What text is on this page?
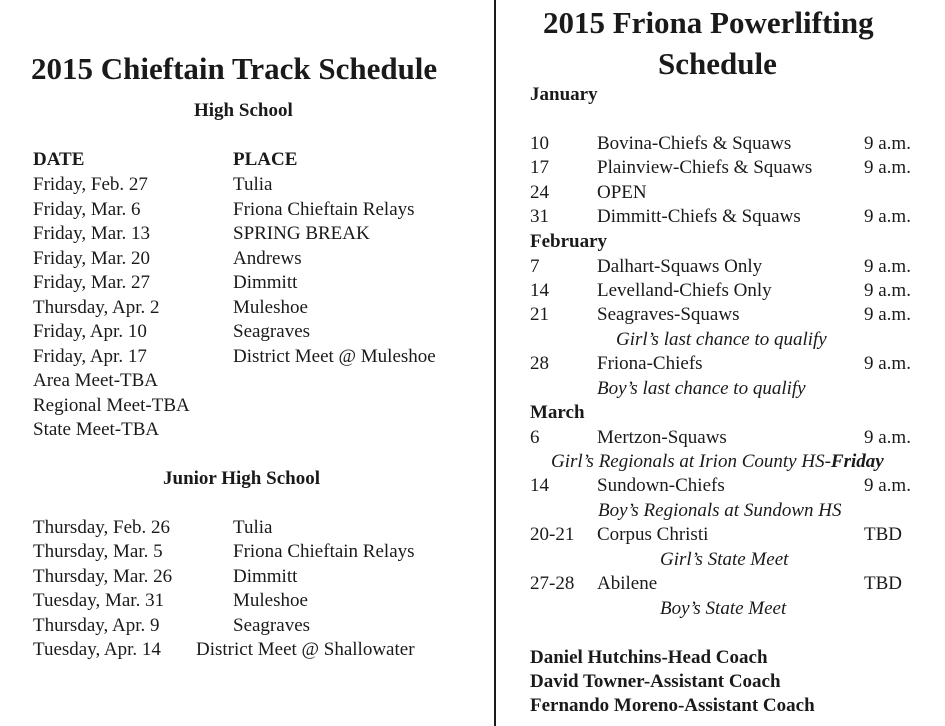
2015 Chieftain Track Schedule
High School
DATE	PLACE
Friday, Feb. 27	Tulia
Friday, Mar. 6	Friona Chieftain Relays
Friday, Mar. 13	SPRING BREAK
Friday, Mar. 20	Andrews
Friday, Mar. 27	Dimmitt
Thursday, Apr. 2	Muleshoe
Friday, Apr. 10	Seagraves
Friday, Apr. 17	District Meet @ Muleshoe
Area Meet-TBA
Regional Meet-TBA
State Meet-TBA
Junior High School
Thursday, Feb. 26	Tulia
Thursday, Mar. 5	Friona Chieftain Relays
Thursday, Mar. 26	Dimmitt
Tuesday, Mar. 31	Muleshoe
Thursday, Apr. 9	Seagraves
Tuesday, Apr. 14 District Meet @ Shallowater
2015 Friona Powerlifting
Schedule
January
10	Bovina-Chiefs & Squaws	9 a.m.
17	Plainview-Chiefs & Squaws	9 a.m.
24	OPEN
31	Dimmitt-Chiefs & Squaws	9 a.m.
February
7	Dalhart-Squaws Only	9 a.m.
14	Levelland-Chiefs Only	9 a.m.
21	Seagraves-Squaws	9 a.m.
Girl’s last chance to qualify
28	Friona-Chiefs	9 a.m.
Boy’s last chance to qualify
March
6	Mertzon-Squaws	9 a.m.
Girl’s Regionals at Irion County HS-Friday
14	Sundown-Chiefs	9 a.m.
Boy’s Regionals at Sundown HS
20-21 Corpus Christi	TBD
Girl’s State Meet
27-28 Abilene	TBD
Boy’s State Meet
Daniel Hutchins-Head Coach
David Towner-Assistant Coach
Fernando Moreno-Assistant Coach
